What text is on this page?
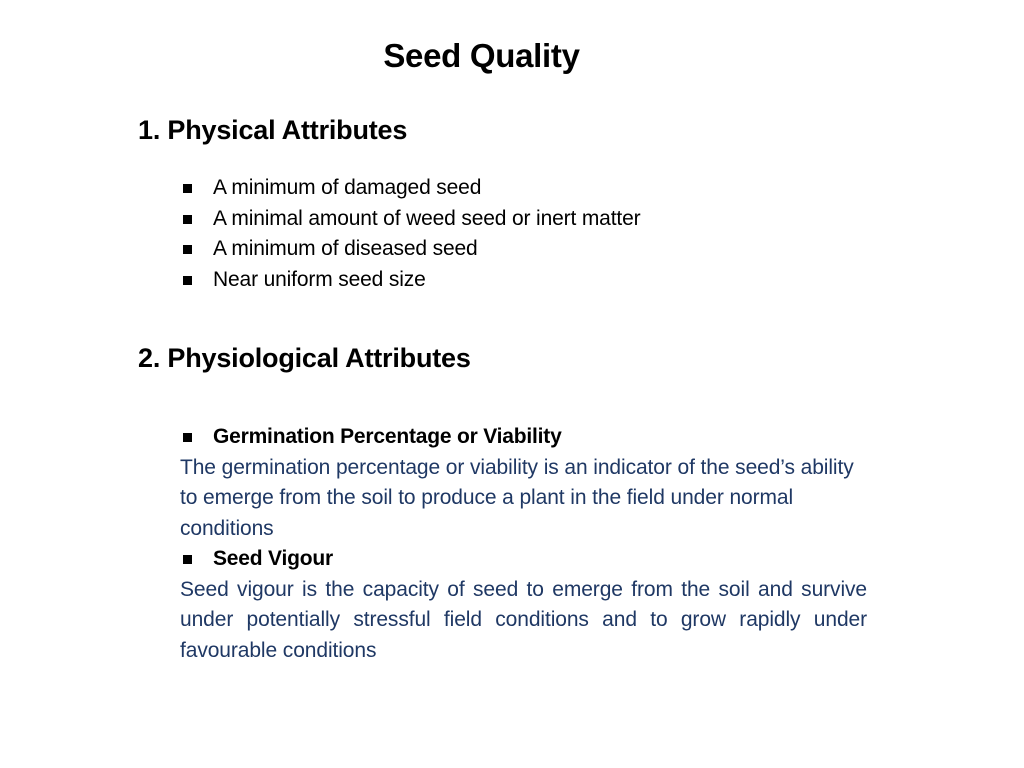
Seed Quality
1. Physical Attributes
A minimum of damaged seed
A minimal amount of weed seed or inert matter
A minimum of diseased seed
Near uniform seed size
2. Physiological Attributes
Germination Percentage or Viability
The germination percentage or viability is an indicator of the seed’s ability to emerge from the soil to produce a plant in the field under normal conditions
Seed Vigour
Seed vigour is the capacity of seed to emerge from the soil and survive under potentially stressful field conditions and to grow rapidly under favourable conditions
